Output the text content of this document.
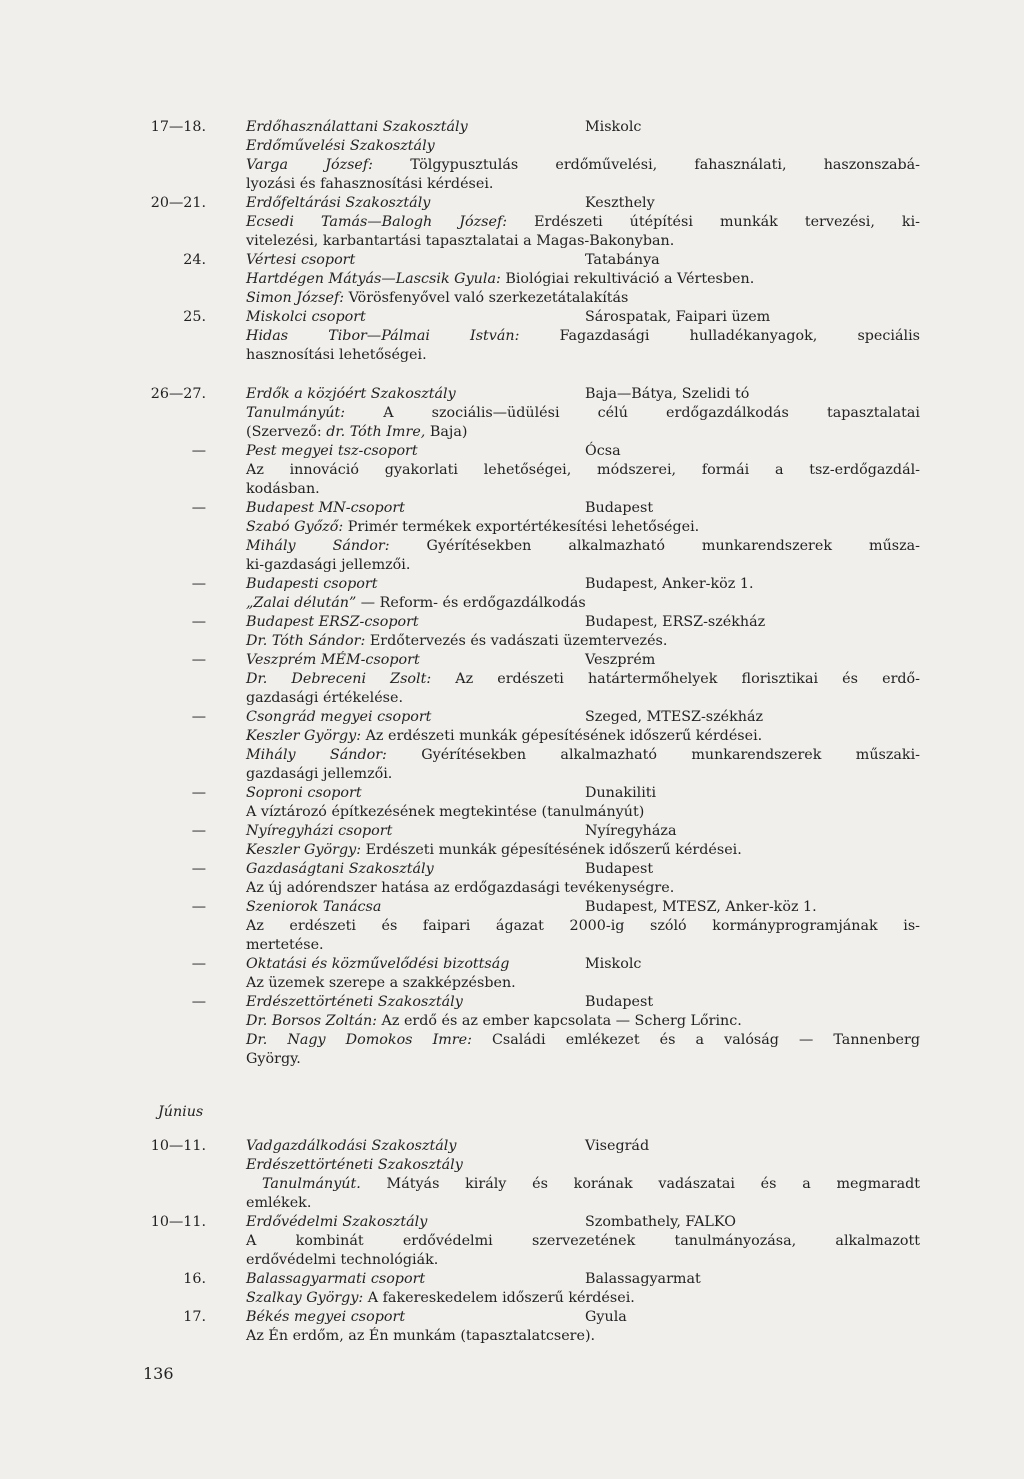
17—18.	Erdőhasználattani Szakosztály	Miskolc
Erdőművelési Szakosztály
Varga József: Tölgypusztulás erdőművelési, fahasználati, haszonszabá-
lyozási és fahasznosítási kérdései.
20—21.	Erdőfeltárási Szakosztály	Keszthely
Ecsedi Tamás—Balogh József: Erdészeti útépítési munkák tervezési, ki-
vitelezési, karbantartási tapasztalatai a Magas-Bakonyban.
24.	Vértesi csoport	Tatabánya
Hartdégen Mátyás—Lascsik Gyula: Biológiai rekultiváció a Vértesben.
Simon József: Vörösfenyővel való szerkezetátalakítás
25.	Miskolci csoport	Sárospatak, Faipari üzem
Hidas Tibor—Pálmai István: Fagazdasági hulladékanyagok, speciális
hasznosítási lehetőségei.
26—27.	Erdők a közjóért Szakosztály	Baja—Bátya, Szelidi tó
Tanulmányút: A szociális—üdülési célú erdőgazdálkodás tapasztalatai
(Szervező: dr. Tóth Imre, Baja)
—	Pest megyei tsz-csoport	Ócsa
Az innováció gyakorlati lehetőségei, módszerei, formái a tsz-erdőgazdál-
kodásban.
—	Budapest MN-csoport	Budapest
Szabó Győző: Primér termékek exportértékesítési lehetőségei.
Mihály Sándor: Gyérítésekben alkalmazható munkarendszerek műsza-
ki-gazdasági jellemzői.
—	Budapesti csoport	Budapest, Anker-köz 1.
„Zalai délután” — Reform- és erdőgazdálkodás
—	Budapest ERSZ-csoport	Budapest, ERSZ-székház
Dr. Tóth Sándor: Erdőtervezés és vadászati üzemtervezés.
—	Veszprém MÉM-csoport	Veszprém
Dr. Debreceni Zsolt: Az erdészeti határtermőhelyek florisztikai és erdő-
gazdasági értékelése.
—	Csongrád megyei csoport	Szeged, MTESZ-székház
Keszler György: Az erdészeti munkák gépesítésének időszerű kérdései.
Mihály Sándor: Gyérítésekben alkalmazható munkarendszerek műszaki-
gazdasági jellemzői.
—	Soproni csoport	Dunakiliti
A víztározó építkezésének megtekintése (tanulmányút)
—	Nyíregyházi csoport	Nyíregyháza
Keszler György: Erdészeti munkák gépesítésének időszerű kérdései.
—	Gazdaságtani Szakosztály	Budapest
Az új adórendszer hatása az erdőgazdasági tevékenységre.
—	Szeniorok Tanácsa	Budapest, MTESZ, Anker-köz 1.
Az erdészeti és faipari ágazat 2000-ig szóló kormányprogramjának is-
mertetése.
—	Oktatási és közművelődési bizottság	Miskolc
Az üzemek szerepe a szakképzésben.
—	Erdészettörténeti Szakosztály	Budapest
Dr. Borsos Zoltán: Az erdő és az ember kapcsolata — Scherg Lőrinc.
Dr. Nagy Domokos Imre: Családi emlékezet és a valóság — Tannenberg
György.
Június
10—11.	Vadgazdálkodási Szakosztály	Visegrád
Erdészettörténeti Szakosztály
Tanulmányút. Mátyás király és korának vadászatai és a megmaradt
emlékek.
10—11.	Erdővédelmi Szakosztály	Szombathely, FALKO
A kombinát erdővédelmi szervezetének tanulmányozása, alkalmazott
erdővédelmi technológiák.
16.	Balassagyarmati csoport	Balassagyarmat
Szalkay György: A fakereskedelem időszerű kérdései.
17.	Békés megyei csoport	Gyula
Az Én erdőm, az Én munkám (tapasztalatcsere).
136
